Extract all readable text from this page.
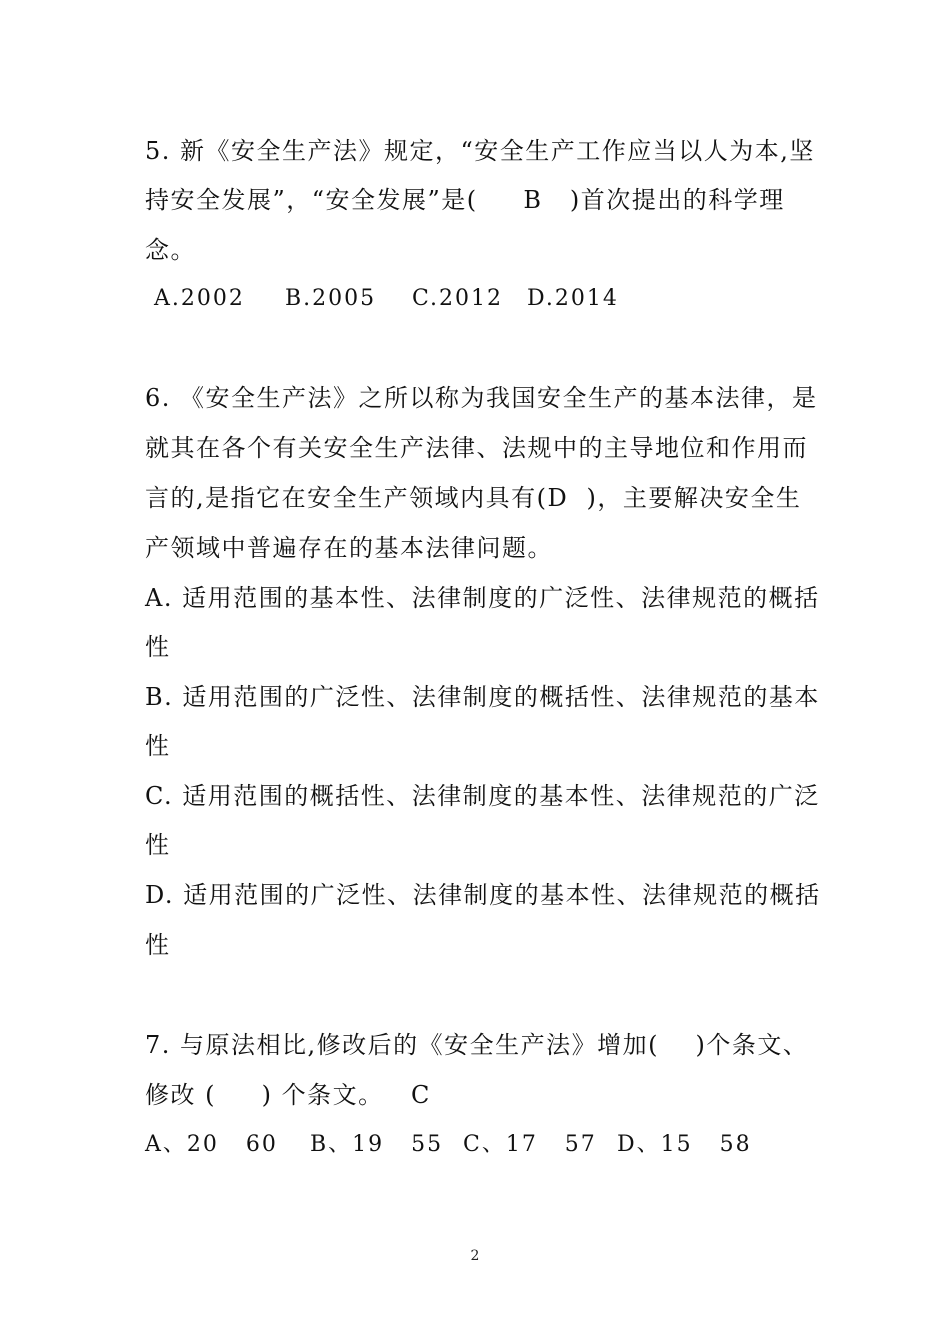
5. 新《安全生产法》规定，“安全生产工作应当以人为本,坚
持安全发展”，“安全发展”是(     B   )首次提出的科学理
念。
A.2002 B.2005 C.2012 D.2014
6. 《安全生产法》之所以称为我国安全生产的基本法律，是
就其在各个有关安全生产法律、法规中的主导地位和作用而
言的,是指它在安全生产领域内具有(D  )，主要解决安全生
产领域中普遍存在的基本法律问题。
A. 适用范围的基本性、法律制度的广泛性、法律规范的概括
性
B. 适用范围的广泛性、法律制度的概括性、法律规范的基本
性
C. 适用范围的概括性、法律制度的基本性、法律规范的广泛
性
D. 适用范围的广泛性、法律制度的基本性、法律规范的概括
性
7. 与原法相比,修改后的《安全生产法》增加(    )个条文、
修改 (     ) 个条文。   C
A、20   60 B、19   55 C、17   57 D、15   58
2
